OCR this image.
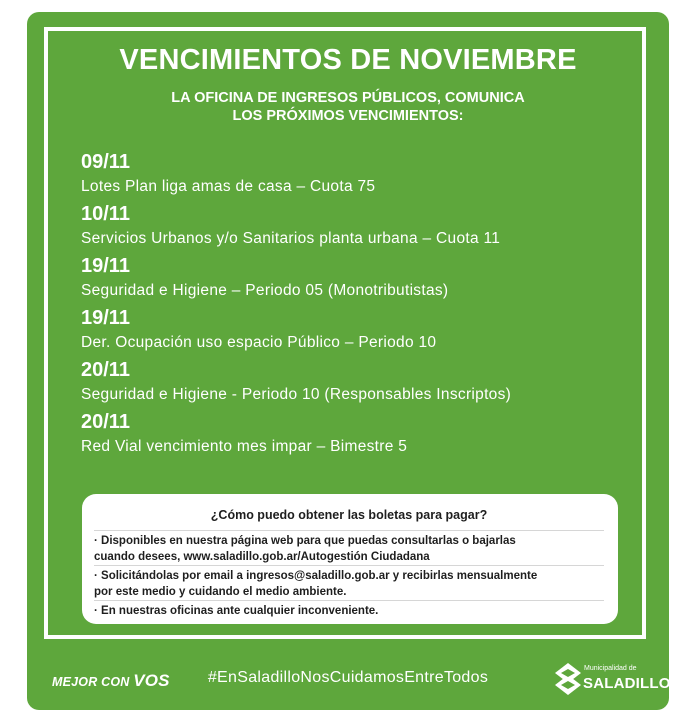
VENCIMIENTOS DE NOVIEMBRE
LA OFICINA DE INGRESOS PÚBLICOS, COMUNICA
LOS PRÓXIMOS VENCIMIENTOS:
09/11
Lotes Plan liga amas de casa – Cuota 75
10/11
Servicios Urbanos y/o Sanitarios planta urbana – Cuota 11
19/11
Seguridad e Higiene – Periodo 05 (Monotributistas)
19/11
Der. Ocupación uso espacio Público – Periodo 10
20/11
Seguridad e Higiene - Periodo 10 (Responsables Inscriptos)
20/11
Red Vial vencimiento mes impar – Bimestre 5
¿Cómo puedo obtener las boletas para pagar?
· Disponibles en nuestra página web para que puedas consultarlas o bajarlas
cuando desees, www.saladillo.gob.ar/Autogestión Ciudadana
· Solicitándolas por email a ingresos@saladillo.gob.ar y recibirlas mensualmente
por este medio y cuidando el medio ambiente.
· En nuestras oficinas ante cualquier inconveniente.
MEJOR CON VOS	#EnSaladilloNosCuidamosEntreTodos
Municipalidad de
SALADILLO
